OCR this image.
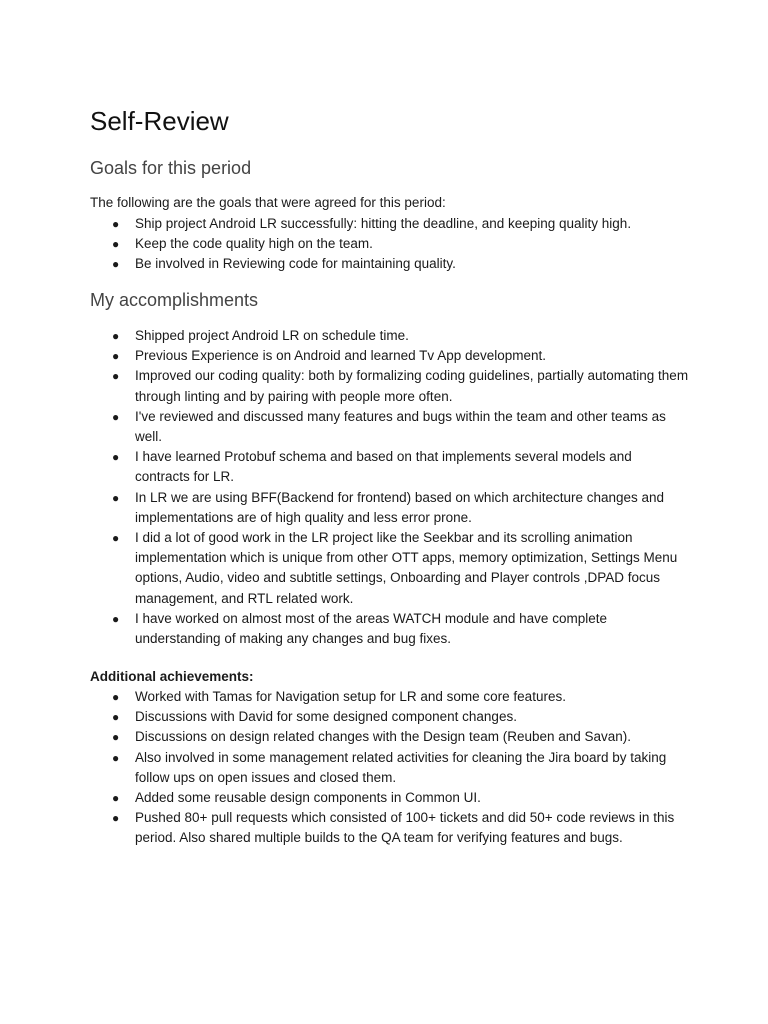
Self-Review
Goals for this period

The following are the goals that were agreed for this period:

● Ship project Android LR successfully: hitting the deadline, and keeping quality high.
● Keep the code quality high on the team.
● Be involved in Reviewing code for maintaining quality.
My accomplishments
● Shipped project Android LR on schedule time.
● Previous Experience is on Android and learned Tv App development.
● Improved our coding quality: both by formalizing coding guidelines, partially automating them through linting and by pairing with people more often.
● I've reviewed and discussed many features and bugs within the team and other teams as well.
● I have learned Protobuf schema and based on that implements several models and contracts for LR.
● In LR we are using BFF(Backend for frontend) based on which architecture changes and implementations are of high quality and less error prone.
● I did a lot of good work in the LR project like the Seekbar and its scrolling animation implementation which is unique from other OTT apps, memory optimization, Settings Menu options, Audio, video and subtitle settings, Onboarding and Player controls ,DPAD focus management, and RTL related work.
● I have worked on almost most of the areas WATCH module and have complete understanding of making any changes and bug fixes.

Additional achievements:

● Worked with Tamas for Navigation setup for LR and some core features.
● Discussions with David for some designed component changes.
● Discussions on design related changes with the Design team (Reuben and Savan).
● Also involved in some management related activities for cleaning the Jira board by taking follow ups on open issues and closed them.
● Added some reusable design components in Common UI.
● Pushed 80+ pull requests which consisted of 100+ tickets and did 50+ code reviews in this period. Also shared multiple builds to the QA team for verifying features and bugs.
